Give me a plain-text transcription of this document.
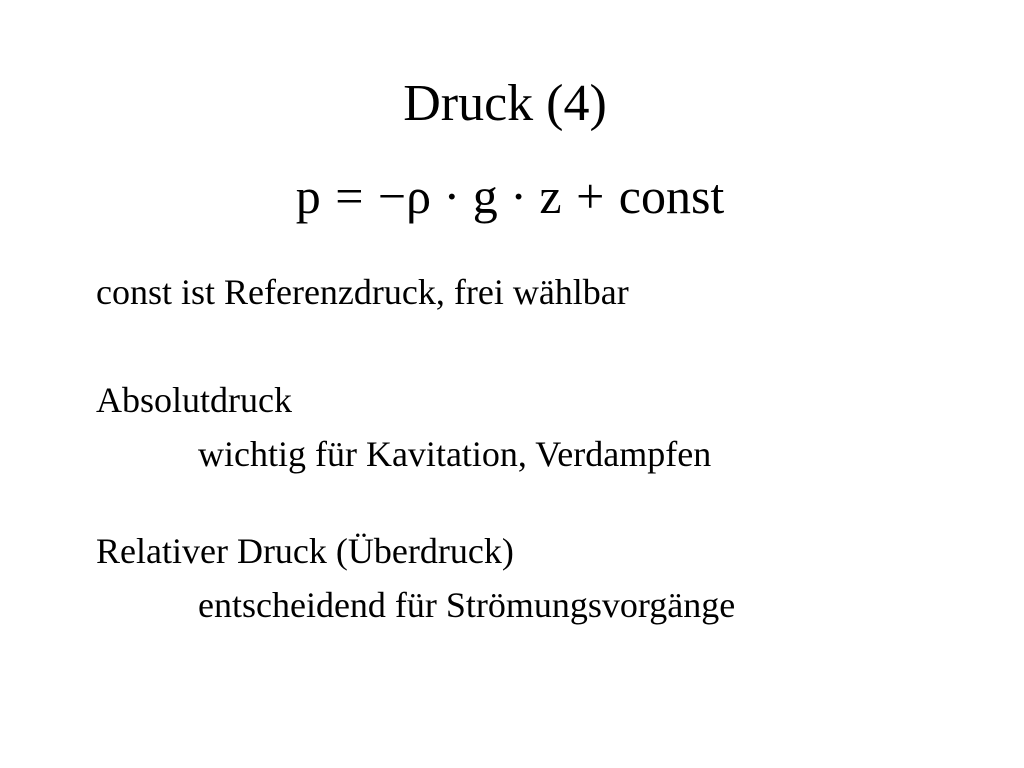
Druck (4)
p = −ρ · g · z + const

const ist Referenzdruck, frei wählbar

Absolutdruck

wichtig für Kavitation, Verdampfen

Relativer Druck (Überdruck)

entscheidend für Strömungsvorgänge
